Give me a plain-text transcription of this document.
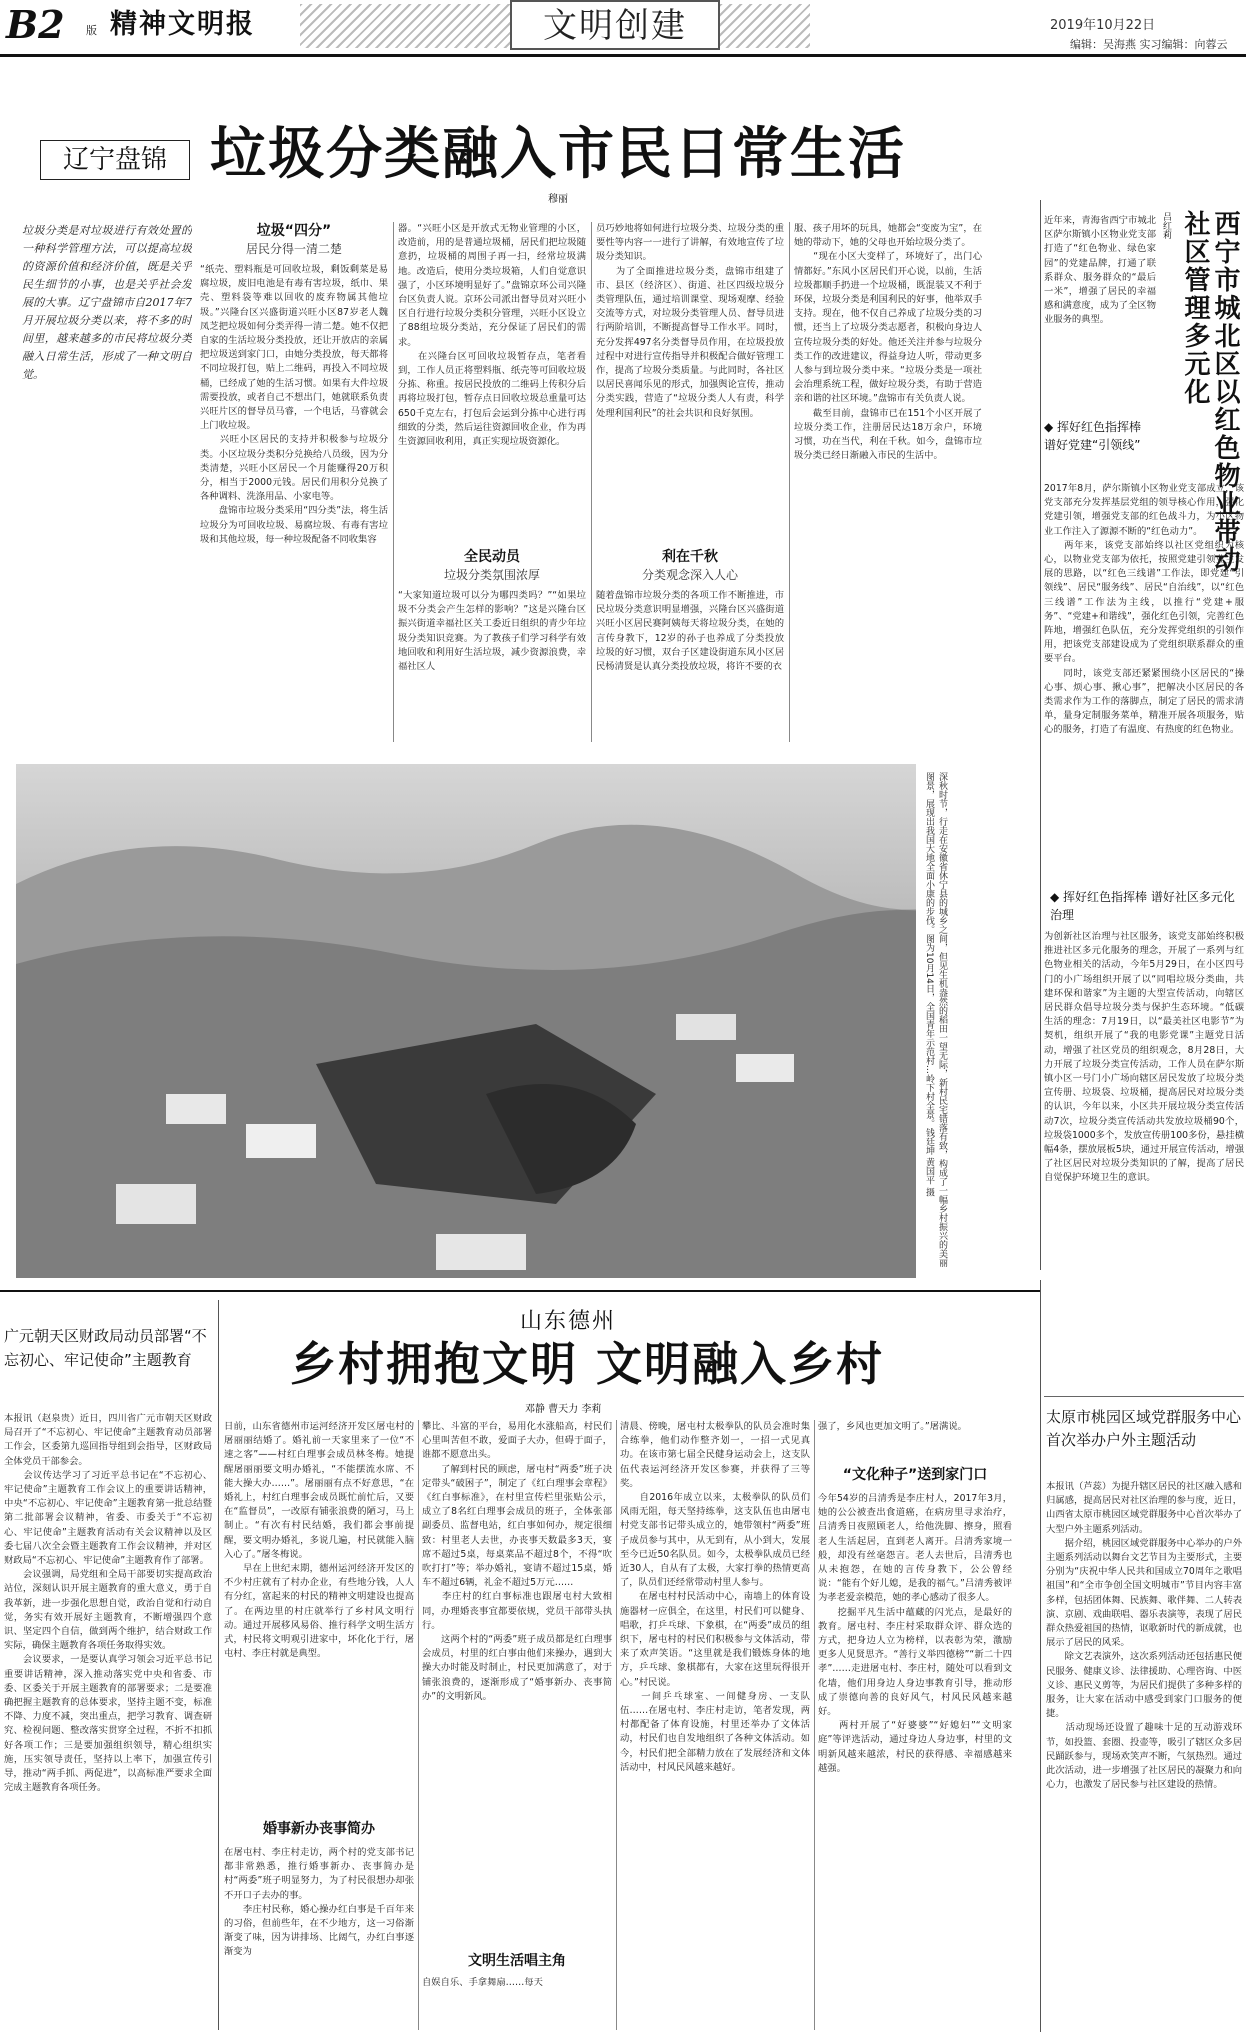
B2 版 精神文明报	文明创建	2019年10月22日
编辑：吴海燕 实习编辑：向蓉云
辽宁盘锦 垃圾分类融入市民日常生活
穆丽
垃圾分类是对垃圾进行有效处置的一种科学管理方法，可以提高垃圾的资源价值和经济价值，既是关乎民生细节的小事，也是关乎社会发展的大事。辽宁盘锦市自2017年7月开展垃圾分类以来，将不多的时间里，越来越多的市民将垃圾分类融入日常生活，形成了一种文明自觉。
垃圾“四分”
居民分得一清二楚
“纸壳、塑料瓶是可回收垃圾，剩饭剩菜是易腐垃圾，废旧电池是有毒有害垃圾，纸巾、果壳、塑料袋等难以回收的废弃物属其他垃圾。”兴隆台区兴盛街道兴旺小区87岁老人魏凤芝把垃圾如何分类弄得一清二楚。她不仅把自家的生活垃圾分类投放，还让开放店的亲属把垃圾送到家门口，由她分类投放，每天都将不同垃圾打包，贴上二维码，再投入不同垃圾桶，已经成了她的生活习惯。如果有大件垃圾需要投放，或者自己不想出门，她就联系负责兴旺片区的督导员马睿，一个电话，马睿就会上门收垃圾。
　　兴旺小区居民的支持并积极参与垃圾分类。小区垃圾分类积分兑换给八员级，因为分类清楚，兴旺小区居民一个月能赚得20万积分，相当于2000元钱。居民们用积分兑换了各种调料、洗涤用品、小家电等。
　　盘锦市垃圾分类采用“四分类”法，将生活垃圾分为可回收垃圾、易腐垃圾、有毒有害垃圾和其他垃圾，每一种垃圾配备不同收集容
器。“兴旺小区是开放式无物业管理的小区，改造前，用的是普通垃圾桶，居民们把垃圾随意扔，垃圾桶的周围子再一扫，经常垃圾满地。改造后，使用分类垃圾箱，人们自觉意识强了，小区环境明显好了。”盘锦京环公司兴隆台区负责人说。京环公司派出督导员对兴旺小区自行进行垃圾分类积分管理，兴旺小区设立了88组垃圾分类站，充分保证了居民们的需求。
　　在兴隆台区可回收垃圾暂存点，笔者看到，工作人员正将塑料瓶、纸壳等可回收垃圾分拣、称重。按居民投放的二维码上传积分后再将垃圾打包，暂存点日回收垃圾总重量可达650千克左右，打包后会运到分拣中心进行再细致的分类，然后运往资源回收企业，作为再生资源回收利用，真正实现垃圾资源化。
全民动员
垃圾分类氛围浓厚
“大家知道垃圾可以分为哪四类吗？”“如果垃圾不分类会产生怎样的影响？”这是兴隆台区振兴街道幸福社区关工委近日组织的青少年垃圾分类知识竞赛。为了教孩子们学习科学有效地回收和利用好生活垃圾，减少资源浪费，幸福社区人
员巧妙地将如何进行垃圾分类、垃圾分类的重要性等内容一一进行了讲解，有效地宣传了垃圾分类知识。
　　为了全面推进垃圾分类，盘锦市组建了市、县区（经济区）、街道、社区四级垃圾分类管理队伍，通过培训课堂、现场观摩、经验交流等方式，对垃圾分类管理人员、督导员进行两阶培训，不断提高督导工作水平。同时，充分发挥497名分类督导员作用，在垃圾投放过程中对进行宣传指导并积极配合做好管理工作，提高了垃圾分类质量。与此同时，各社区以居民喜闻乐见的形式，加强舆论宣传，推动分类实践，营造了“垃圾分类人人有责，科学处理利国利民”的社会共识和良好氛围。
利在千秋
分类观念深入人心
随着盘锦市垃圾分类的各项工作不断推进，市民垃圾分类意识明显增强，兴隆台区兴盛街道兴旺小区居民赛阿姨每天将垃圾分类，在她的言传身教下，12岁的孙子也养成了分类投放垃圾的好习惯，双台子区建设街道东风小区居民杨清贤是认真分类投放垃圾，将许不要的衣
服、孩子用坏的玩具，她都会“变废为宝”，在她的带动下，她的父母也开始垃圾分类了。
　　“现在小区大变样了，环境好了，出门心情都好。”东风小区居民们开心说，以前，生活垃圾都顺手扔进一个垃圾桶，既混装又不利于环保，垃圾分类是利国利民的好事，他举双手支持。现在，他不仅自己养成了垃圾分类的习惯，还当上了垃圾分类志愿者，积极向身边人宣传垃圾分类的好处。他还关注并参与垃圾分类工作的改进建议，得益身边人听，带动更多人参与到垃圾分类中来。“垃圾分类是一项社会治理系统工程，做好垃圾分类，有助于营造亲和谐的社区环境。”盘锦市有关负责人说。
　　截至目前，盘锦市已在151个小区开展了垃圾分类工作，注册居民达18万余户，环境习惯，功在当代，利在千秋。如今，盘锦市垃圾分类已经日渐融入市民的生活中。	西宁市城北区以红色物业带动社区管理多元化
吕红莉
近年来，青海省西宁市城北区萨尔斯镇小区物业党支部打造了“红色物业、绿色家园”的党建品牌，打通了联系群众、服务群众的“最后一米”，增强了居民的幸福感和满意度，成为了全区物业服务的典型。
◆ 挥好红色指挥棒 谱好党建“引领线”
2017年8月，萨尔斯镇小区物业党支部成立，该党支部充分发挥基层党组的领导核心作用，强化党建引领，增强党支部的红色战斗力，为小区物业工作注入了源源不断的“红色动力”。
　　两年来，该党支部始终以社区党组织为核心，以物业党支部为依托，按照党建引领业主发展的思路，以“红色三线谱”工作法，即党建“引领线”、居民“服务线”、居民“自治线”，以“红色三线谱”工作法为主线，以推行“党建+服务”、“党建+和谐线”，强化红色引领，完善红色阵地，增强红色队伍，充分发挥党组织的引领作用，把该党支部建设成为了党组织联系群众的重要平台。
　　同时，该党支部还紧紧围绕小区居民的“操心事、烦心事、揪心事”，把解决小区居民的各类需求作为工作的落脚点，制定了居民的需求清单，量身定制服务菜单，精准开展各项服务，贴心的服务，打造了有温度、有热度的红色物业。
◆ 挥好红色指挥棒 谱好社区多元化治理
为创新社区治理与社区服务，该党支部始终积极推进社区多元化服务的理念，开展了一系列与红色物业相关的活动，今年5月29日，在小区四号门的小广场组织开展了以“同唱垃圾分类曲，共建环保和谐家”为主题的大型宣传活动，向辖区居民群众倡导垃圾分类与保护生态环境。“低碳生活的理念：7月19日，以“最美社区电影节”为契机，组织开展了“我的电影党课”主题党日活动，增强了社区党员的组织观念，8月28日，大力开展了垃圾分类宣传活动，工作人员在萨尔斯镇小区一号门小广场向辖区居民发放了垃圾分类宣传册、垃圾袋、垃圾桶，提高居民对垃圾分类的认识，今年以来，小区共开展垃圾分类宣传活动7次，垃圾分类宣传活动共发放垃圾桶90个，垃圾袋1000多个，发放宣传册100多份，悬挂横幅4条，摆放展板5块，通过开展宣传活动，增强了社区居民对垃圾分类知识的了解，提高了居民自觉保护环境卫生的意识。
深秋时节，行走在安徽省休宁县的城乡之间，但见生机盎然的稻田一望无际，新村民宅错落有致，构成了一幅乡村振兴的美丽图景，展现出我国大地全面小康的步伐。图为10月14日，全国青年示范村…岭下村全景。钱廷坤 黄国平 摄
广元朝天区财政局动员部署“不忘初心、牢记使命”主题教育
本报讯（赵泉贵）近日，四川省广元市朝天区财政局召开了“不忘初心、牢记使命”主题教育动员部署工作会，区委第九巡回指导组到会指导，区财政局全体党员干部参会。
　　会议传达学习了习近平总书记在“不忘初心、牢记使命”主题教育工作会议上的重要讲话精神，中央“不忘初心、牢记使命”主题教育第一批总结暨第二批部署会议精神，省委、市委关于“不忘初心、牢记使命”主题教育活动有关会议精神以及区委七届八次全会暨主题教育工作会议精神，并对区财政局“不忘初心、牢记使命”主题教育作了部署。
　　会议强调，局党组和全局干部要切实提高政治站位，深刻认识开展主题教育的重大意义，勇于自我革新，进一步强化思想自觉，政治自觉和行动自觉，务实有效开展好主题教育，不断增强四个意识、坚定四个自信，做到两个维护，结合财政工作实际，确保主题教育各项任务取得实效。
　　会议要求，一是要认真学习领会习近平总书记重要讲话精神，深入推动落实党中央和省委、市委、区委关于开展主题教育的部署要求；二是要准确把握主题教育的总体要求，坚持主题不变，标准不降、力度不减，突出重点，把学习教育、调查研究、检视问题、整改落实贯穿全过程，不折不扣抓好各项工作；三是要加强组织领导，精心组织实施，压实领导责任，坚持以上率下，加强宣传引导，推动“两手抓、两促进”，以高标准严要求全面完成主题教育各项任务。
山东德州
乡村拥抱文明 文明融入乡村
邓静 曹天力 李莉
日前，山东省德州市运河经济开发区屠屯村的屠丽丽结婚了。婚礼前一天家里来了一位“不速之客”——村红白理事会成员林冬梅。她提醒屠丽丽要文明办婚礼，“不能摆流水席、不能大操大办……”。屠丽丽有点不好意思，“在婚礼上，村红白理事会成员既忙前忙后，又要在“监督员”，一改原有铺张浪费的陋习，马上制止。“有次有村民结婚，我们都会事前提醒，要文明办婚礼，多说几遍，村民就能入脑入心了。”屠冬梅说。
　　早在上世纪末期，德州运河经济开发区的不少村庄就有了村办企业，有些地分钱，人人有分红，富起来的村民的精神文明建设也提高了。在两边里的村庄就举行了乡村风文明行动。通过开展移风易俗、推行科学文明生活方式，村民将文明观引进家中，坏化化于行，屠屯村、李庄村就是典型。
婚事新办丧事简办
在屠屯村、李庄村走访，两个村的党支部书记都非常熟悉，推行婚事新办、丧事简办是村“两委”班子明显努力，为了村民很想办却张不开口子去办的事。
　　李庄村民称，婚心操办红白事是千百年来的习俗，但前些年，在不少地方，这一习俗渐渐变了味，因为讲排场、比阔气，办红白事逐渐变为
攀比、斗富的平台，易用化水涨船高，村民们心里叫苦但不敢，爱面子大办，但碍于面子，谁都不愿意出头。
　　了解到村民的顾虑，屠屯村“两委”班子决定带头“破困子”，制定了《红白理事会章程》《红白事标准》，在村里宣传栏里张贴公示，成立了8名红白理事会成员的班子，全体张部副委员、监督电站，红白事如何办，规定很细致：村里老人去世，办丧事天数最多3天，宴席不超过5桌，每桌菜品不超过8个，不得“吹吹打打”等；举办婚礼，宴请不超过15桌，婚车不超过6辆，礼金不超过5万元……
　　李庄村的红白事标准也跟屠屯村大致相同，办理婚丧事宜都要依规，党员干部带头执行。
　　这两个村的“两委”班子成员都是红白理事会成员，村里的红白事由他们来操办，遇到大操大办时能及时制止，村民更加满意了，对于铺张浪费的，逐渐形成了“婚事新办、丧事简办”的文明新风。
文明生活唱主角
自娱自乐、手拿舞扇……每天
清晨、傍晚，屠屯村太极拳队的队员会准时集合练拳，他们动作整齐划一，一招一式见真功。在该市第七届全民健身运动会上，这支队伍代表运河经济开发区参赛，并获得了三等奖。
　　自2016年成立以来，太极拳队的队员们风雨无阻，每天坚持练拳，这支队伍也由屠屯村党支部书记带头成立的，她带领村“两委”班子成员参与其中，从无到有，从小到大，发展至今已近50名队员。如今，太极拳队成员已经近30人，自从有了太极，大家打拳的热情更高了，队员们还经常带动村里人参与。
　　在屠屯村村民活动中心，南墙上的体育设施器材一应俱全，在这里，村民们可以健身、唱歌，打乒乓球、下象棋，在“两委”成员的组织下，屠屯村的村民们积极参与文体活动，带来了欢声笑语。“这里就是我们锻炼身体的地方，乒乓球、象棋都有，大家在这里玩得很开心。”村民说。
　　一间乒乓球室、一间健身房、一支队伍……在屠屯村、李庄村走访，笔者发现，两村都配备了体育设施，村里还举办了文体活动，村民们也自发地组织了各种文体活动。如今，村民们把全部精力放在了发展经济和文体活动中，村风民风越来越好。
强了，乡风也更加文明了。”屠满说。
“文化种子”送到家门口
今年54岁的吕清秀是李庄村人，2017年3月，她的公公被查出食道癌，在病房里寻求治疗，吕清秀日夜照顾老人，给他洗脚、擦身，照看老人生活起居，直到老人离开。吕清秀家境一般，却没有丝毫怨言。老人去世后，吕清秀也从未抱怨，在她的言传身教下，公公曾经说：“能有个好儿媳，是我的福气。”吕清秀被评为孝老爱亲模范，她的孝心感动了很多人。
　　挖掘平凡生活中蕴藏的闪光点，是最好的教育。屠屯村、李庄村采取群众评、群众选的方式，把身边人立为榜样，以表彰为荣，激励更多人见贤思齐。“善行义举四德榜”“新二十四孝”……走进屠屯村、李庄村，随处可以看到文化墙，他们用身边人身边事教育引导，推动形成了崇德向善的良好风气，村风民风越来越好。
　　两村开展了“好婆婆”“好媳妇”“文明家庭”等评选活动，通过身边人身边事，村里的文明新风越来越浓，村民的获得感、幸福感越来越强。
太原市桃园区域党群服务中心首次举办户外主题活动
本报讯（芦蕊）为提升辖区居民的社区融入感和归属感，提高居民对社区治理的参与度，近日，山西省太原市桃园区域党群服务中心首次举办了大型户外主题系列活动。
　　据介绍，桃园区域党群服务中心举办的户外主题系列活动以舞台文艺节目为主要形式，主要分别为“庆祝中华人民共和国成立70周年之歌唱祖国”和“全市争创全国文明城市”节目内容丰富多样，包括团体舞、民族舞、歌伴舞、二人转表演、京剧、戏曲联唱、器乐表演等，表现了居民群众热爱祖国的热情，讴歌新时代的新成就，也展示了居民的风采。
　　除文艺表演外，这次系列活动还包括惠民便民服务、健康义诊、法律援助、心理咨询、中医义诊、惠民义剪等，为居民们提供了多种多样的服务，让大家在活动中感受到家门口服务的便捷。
　　活动现场还设置了趣味十足的互动游戏环节，如投篮、套圈、投壶等，吸引了辖区众多居民踊跃参与，现场欢笑声不断，气氛热烈。通过此次活动，进一步增强了社区居民的凝聚力和向心力，也激发了居民参与社区建设的热情。
